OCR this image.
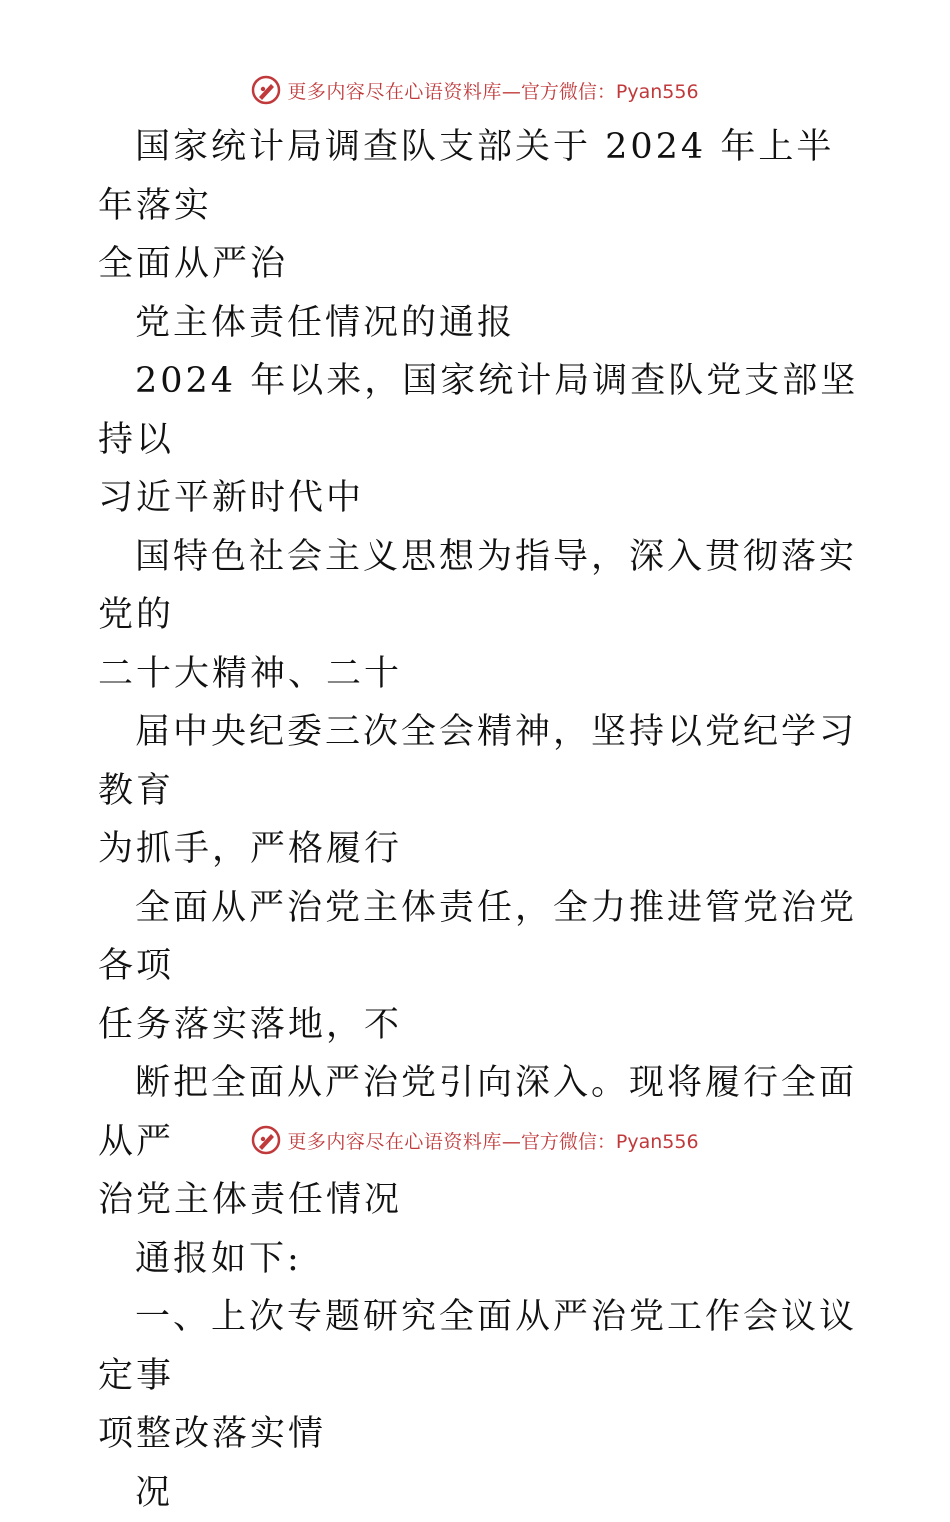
更多内容尽在心语资料库 —官方微信：Pyan556

国家统计局调查队支部关于 2024 年上半年落实
全面从严治

党主体责任情况的通报

2024 年以来，国家统计局调查队党支部坚持以
习近平新时代中

国特色社会主义思想为指导，深入贯彻落实党的
二十大精神、二十

届中央纪委三次全会精神，坚持以党纪学习教育
为抓手，严格履行

全面从严治党主体责任，全力推进管党治党各项
任务落实落地，不

断把全面从严治党引向深入。现将履行全面从严
治党主体责任情况

通报如下:

一、上次专题研究全面从严治党工作会议议定事
项整改落实情

况

更多内容尽在心语资料库 —官方微信：Pyan556
